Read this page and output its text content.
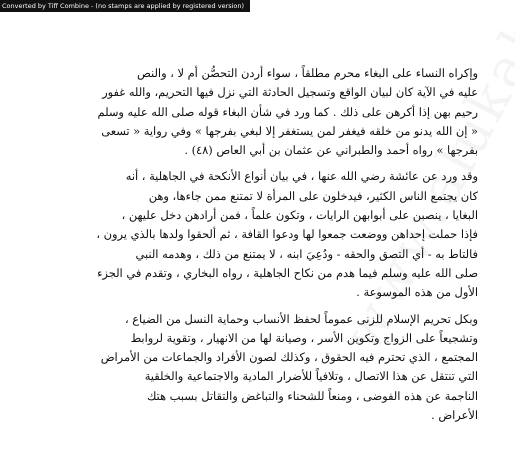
Converted by Tiff Combine - (no stamps are applied by registered version)
وإكراه النساء على البغاء محرم مطلقاً ، سواء أردن التحصُّن أم لا ، والنص
عليه في الآية كان لبيان الواقع وتسجيل الحادثة التي نزل فيها التحريم، والله غفور
رحيم بهن إذا أكرهن على ذلك . كما ورد في شأن البغاء قوله صلى الله عليه وسلم
« إن الله يدنو من خلقه فيغفر لمن يستغفر إلا لبغي بفرجها » وفي رواية « تسعى
بفرجها » رواه أحمد والطبراني عن عثمان بن أبي العاص (٤٨) .
وقد ورد عن عائشة رضي الله عنها ، في بيان أنواع الأنكحة في الجاهلية ، أنه
كان يجتمع الناس الكثير، فيدخلون على المرأة لا تمتنع ممن جاءها، وهن
البغايا ، ينصبن على أبوابهن الرايات ، وتكون علماً ، فمن أرادهن دخل عليهن ،
فإذا حملت إحداهن ووضعت جمعوا لها ودعوا القافة ، ثم ألحقوا ولدها بالذي يرون ،
فالتاط به - أي التصق والحقه - ودُعِيَ ابنه ، لا يمتنع من ذلك ، وهدمه النبي
صلى الله عليه وسلم فيما هدم من نكاح الجاهلية ، رواه البخاري ، وتقدم في الجزء
الأول من هذه الموسوعة .
وبكل تحريم الإسلام للزنى عموماً لحفظ الأنساب وحماية النسل من الضياع ،
وتشجيعاً على الزواج وتكوين الأسر ، وصيانة لها من الانهيار ، وتقوية لروابط
المجتمع ، الذي تحترم فيه الحقوق ، وكذلك لصون الأفراد والجماعات من الأمراض
التي تنتقل عن هذا الاتصال ، وتلافياً للأضرار المادية والاجتماعية والخلقية
الناجمة عن هذه الفوضى ، ومنعاً للشحناء والتباغض والتقاتل بسبب هتك
الأعراض .
